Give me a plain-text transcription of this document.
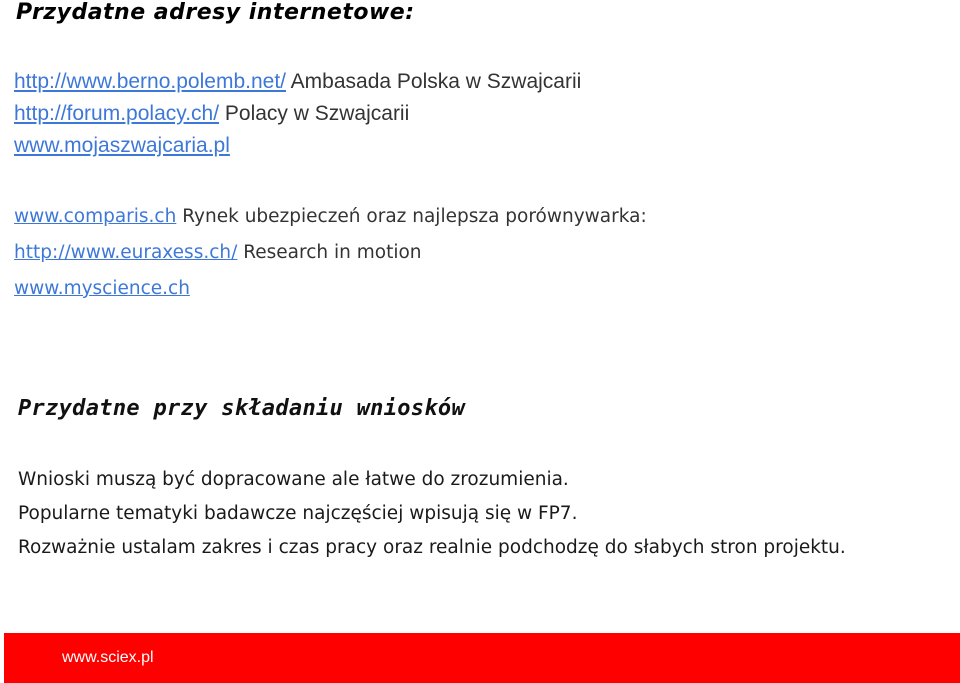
Przydatne adresy internetowe:
http://www.berno.polemb.net/ Ambasada Polska w Szwajcarii
http://forum.polacy.ch/ Polacy w Szwajcarii
www.mojaszwajcaria.pl
www.comparis.ch Rynek ubezpieczeń oraz najlepsza porównywarka:
http://www.euraxess.ch/ Research in motion
www.myscience.ch
Przydatne przy składaniu wniosków
Wnioski muszą być dopracowane ale łatwe do zrozumienia.
Popularne tematyki badawcze najczęściej wpisują się w FP7.
Rozważnie ustalam zakres i czas pracy oraz realnie podchodzę do słabych stron projektu.
www.sciex.pl
